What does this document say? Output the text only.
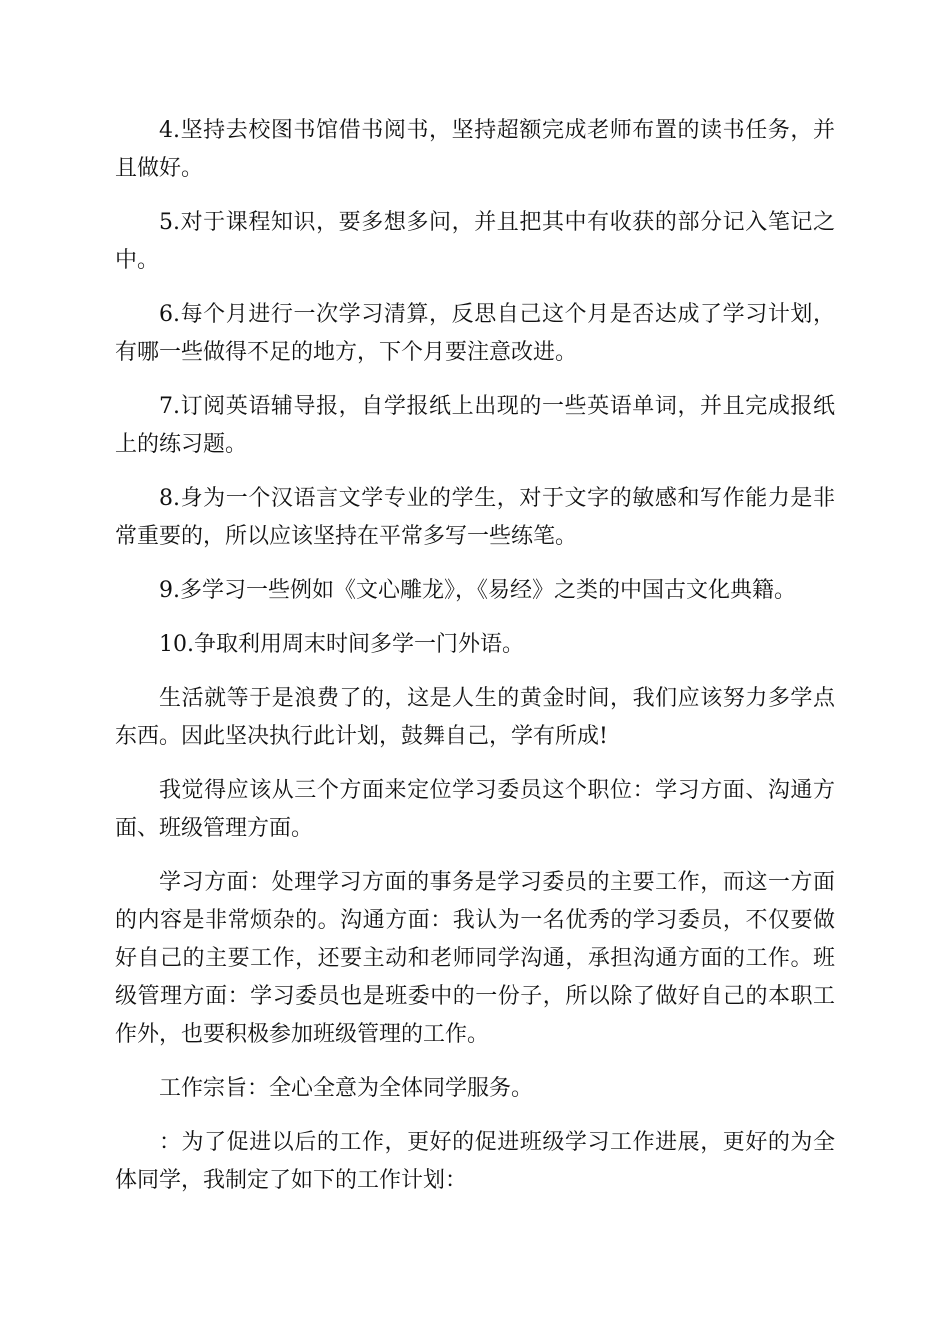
4.坚持去校图书馆借书阅书，坚持超额完成老师布置的读书任务，并且做好。

5.对于课程知识，要多想多问，并且把其中有收获的部分记入笔记之中。

6.每个月进行一次学习清算，反思自己这个月是否达成了学习计划，有哪一些做得不足的地方，下个月要注意改进。

7.订阅英语辅导报，自学报纸上出现的一些英语单词，并且完成报纸上的练习题。

8.身为一个汉语言文学专业的学生，对于文字的敏感和写作能力是非常重要的，所以应该坚持在平常多写一些练笔。

9.多学习一些例如《文心雕龙》，《易经》之类的中国古文化典籍。

10.争取利用周末时间多学一门外语。

生活就等于是浪费了的，这是人生的黄金时间，我们应该努力多学点东西。因此坚决执行此计划，鼓舞自己，学有所成!

我觉得应该从三个方面来定位学习委员这个职位：学习方面、沟通方面、班级管理方面。

学习方面：处理学习方面的事务是学习委员的主要工作，而这一方面的内容是非常烦杂的。沟通方面：我认为一名优秀的学习委员，不仅要做好自己的主要工作，还要主动和老师同学沟通，承担沟通方面的工作。班级管理方面：学习委员也是班委中的一份子，所以除了做好自己的本职工作外，也要积极参加班级管理的工作。

工作宗旨：全心全意为全体同学服务。

：为了促进以后的工作，更好的促进班级学习工作进展，更好的为全体同学，我制定了如下的工作计划：
